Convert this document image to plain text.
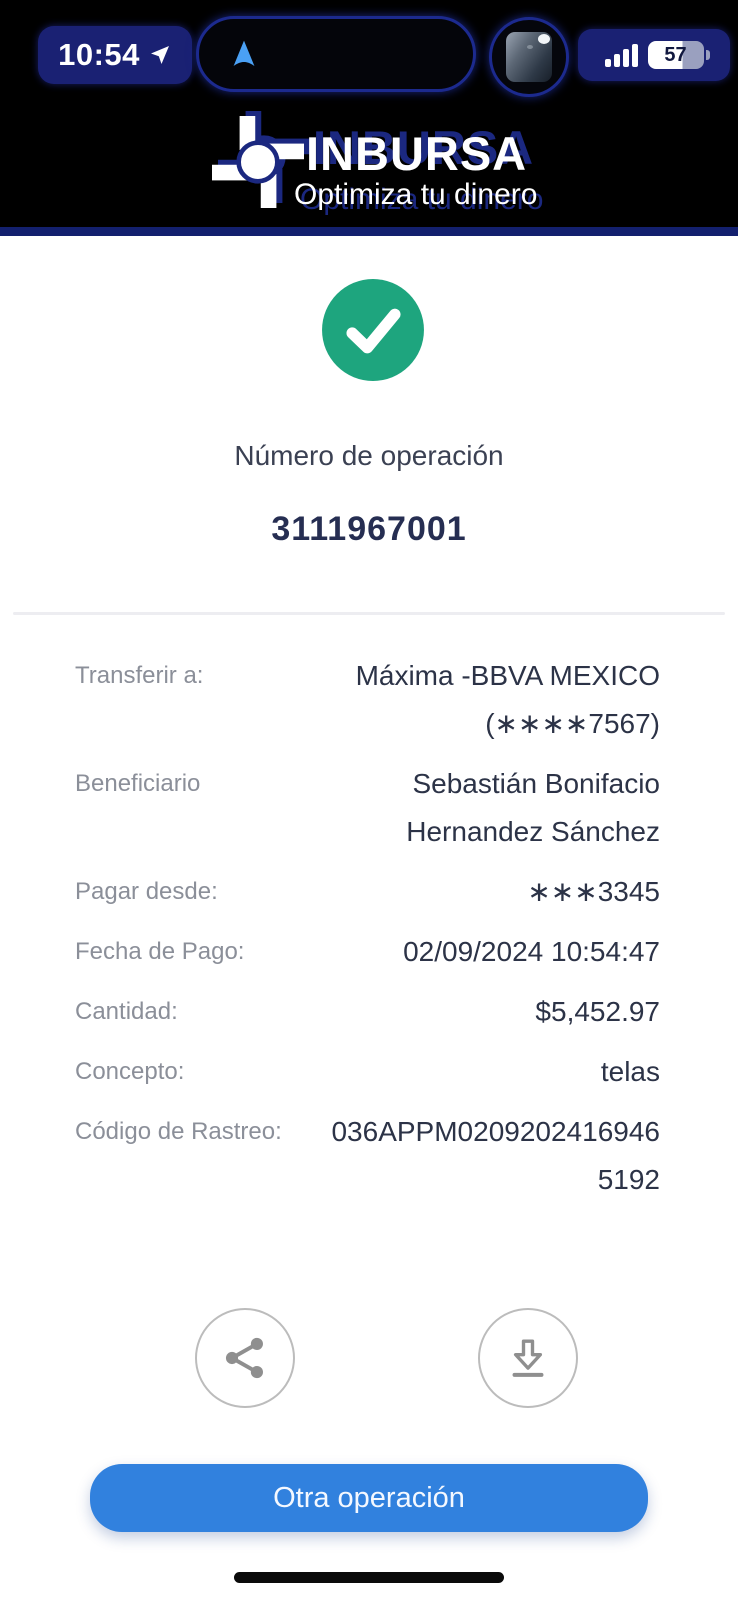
10:54	57
INBURSA
Optimiza tu dinero
Número de operación
3111967001
Transferir a:	Máxima -BBVA MEXICO
(∗∗∗∗7567)
Beneficiario	Sebastián Bonifacio
Hernandez Sánchez
Pagar desde:	∗∗∗3345
Fecha de Pago:	02/09/2024 10:54:47
Cantidad:	$5,452.97
Concepto:	telas
Código de Rastreo: 036APPM0209202416946
5192
Otra operación
